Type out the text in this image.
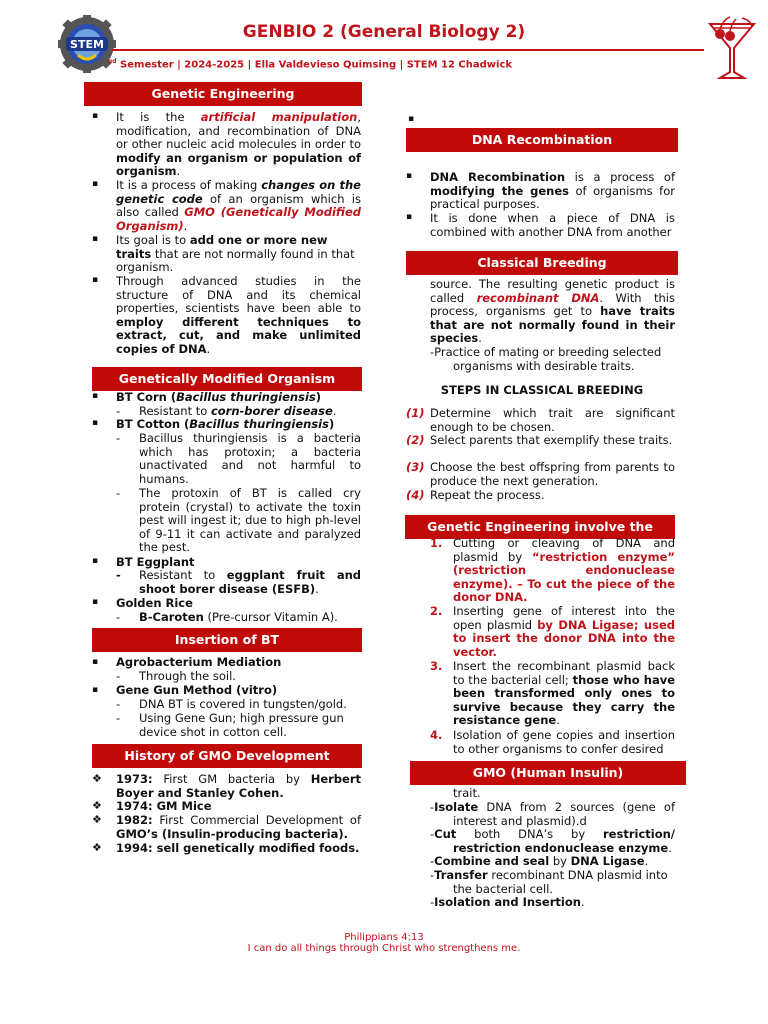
STEM
GENBIO 2 (General Biology 2)
$^{nd}$ Semester | 2024-2025 | Ella Valdevieso Quimsing | STEM 12 Chadwick
Genetic Engineering
It is the artificial manipulation, modification, and recombination of DNA or other nucleic acid molecules in order to modify an organism or population of organism.
▪
It is a process of making changes on the genetic code of an organism which is also called GMO (Genetically Modified Organism).
▪
Its goal is to add one or more new traits that are not normally found in that organism.
▪
Through advanced studies in the structure of DNA and its chemical properties, scientists have been able to employ different techniques to extract, cut, and make unlimited copies of DNA.
▪
Genetically Modified Organism
BT Corn (Bacillus thuringiensis)
▪
- Resistant to corn-borer disease.
BT Cotton (Bacillus thuringiensis)
▪
- Bacillus thuringiensis is a bacteria which has protoxin; a bacteria unactivated and not harmful to humans.
- The protoxin of BT is called cry protein (crystal) to activate the toxin pest will ingest it; due to high ph-level of 9-11 it can activate and paralyzed the pest.
BT Eggplant
▪
- Resistant to eggplant fruit and shoot borer disease (ESFB).
Golden Rice
▪
- B-Caroten (Pre-cursor Vitamin A).
Insertion of BT
Agrobacterium Mediation
▪
- Through the soil.
Gene Gun Method (vitro)
▪
- DNA BT is covered in tungsten/gold.
- Using Gene Gun; high pressure gun device shot in cotton cell.
History of GMO Development
1973: First GM bacteria by Herbert Boyer and Stanley Cohen.
❖
1974: GM Mice
❖
1982: First Commercial Development of GMO’s (Insulin-producing bacteria).
❖
1994: sell genetically modified foods.
❖
▪
DNA Recombination
DNA Recombination is a process of modifying the genes of organisms for practical purposes.
▪
It is done when a piece of DNA is combined with another DNA from another
▪
Classical Breeding
source. The resulting genetic product is called recombinant DNA. With this process, organisms get to have traits that are not normally found in their species.
-Practice of mating or breeding selected organisms with desirable traits.
STEPS IN CLASSICAL BREEDING
(1) Determine which trait are significant enough to be chosen.
(2) Select parents that exemplify these traits.
(3) Choose the best offspring from parents to produce the next generation.
(4) Repeat the process.
Genetic Engineering involve the
1. Cutting or cleaving of DNA and plasmid by “restriction enzyme” (restriction endonuclease enzyme). – To cut the piece of the donor DNA.
2. Inserting gene of interest into the open plasmid by DNA Ligase; used to insert the donor DNA into the vector.
3. Insert the recombinant plasmid back to the bacterial cell; those who have been transformed only ones to survive because they carry the resistance gene.
4. Isolation of gene copies and insertion to other organisms to confer desired
GMO (Human Insulin)
trait.
-Isolate DNA from 2 sources (gene of interest and plasmid).d
-Cut both DNA’s by restriction/ restriction endonuclease enzyme.
-Combine and seal by DNA Ligase.
-Transfer recombinant DNA plasmid into the bacterial cell.
-Isolation and Insertion.
Philippians 4:13
I can do all things through Christ who strengthens me.
